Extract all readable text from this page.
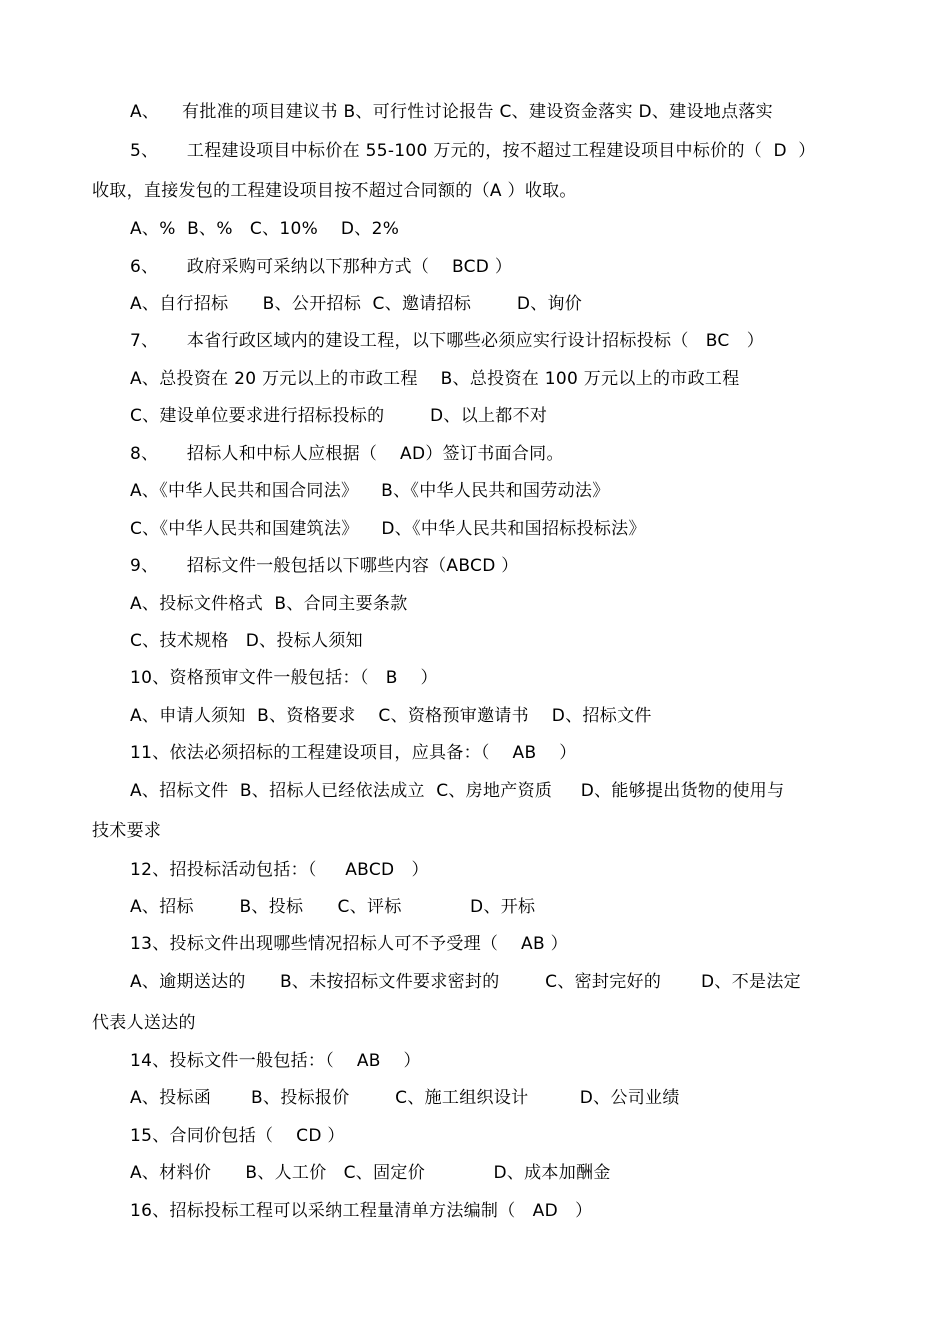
A、    有批准的项目建议书 B、可行性讨论报告 C、建设资金落实 D、建设地点落实
5、     工程建设项目中标价在 55-100 万元的，按不超过工程建设项目中标价的（  D  ）
收取，直接发包的工程建设项目按不超过合同额的（A ）收取。
A、%  B、%   C、10%    D、2%
6、     政府采购可采纳以下那种方式（    BCD ）
A、自行招标      B、公开招标  C、邀请招标        D、询价
7、     本省行政区域内的建设工程，以下哪些必须应实行设计招标投标（   BC   ）
A、总投资在 20 万元以上的市政工程    B、总投资在 100 万元以上的市政工程
C、建设单位要求进行招标投标的        D、以上都不对
8、     招标人和中标人应根据（    AD）签订书面合同。
A、《中华人民共和国合同法》    B、《中华人民共和国劳动法》
C、《中华人民共和国建筑法》    D、《中华人民共和国招标投标法》
9、     招标文件一般包括以下哪些内容（ABCD ）
A、投标文件格式  B、合同主要条款
C、技术规格   D、投标人须知
10、资格预审文件一般包括：（   B    ）
A、申请人须知  B、资格要求    C、资格预审邀请书    D、招标文件
11、依法必须招标的工程建设项目，应具备：（    AB    ）
A、招标文件  B、招标人已经依法成立  C、房地产资质     D、能够提出货物的使用与
技术要求
12、招投标活动包括：（     ABCD   ）
A、招标        B、投标      C、评标            D、开标
13、投标文件出现哪些情况招标人可不予受理（    AB ）
A、逾期送达的      B、未按招标文件要求密封的        C、密封完好的       D、不是法定
代表人送达的
14、投标文件一般包括：（    AB    ）
A、投标函       B、投标报价        C、施工组织设计         D、公司业绩
15、合同价包括（    CD ）
A、材料价      B、人工价   C、固定价            D、成本加酬金
16、招标投标工程可以采纳工程量清单方法编制（   AD   ）
